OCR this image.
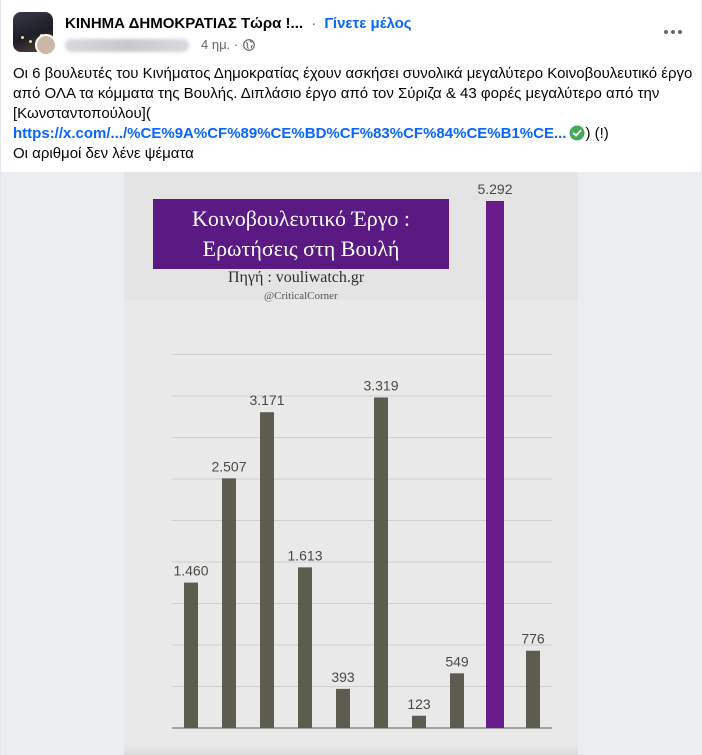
ΚΙΝΗΜΑ ΔΗΜΟΚΡΑΤΙΑΣ Τώρα !... · Γίνετε μέλος
4 ημ. ·

Οι 6 βουλευτές του Κινήματος Δημοκρατίας έχουν ασκήσει συνολικά μεγαλύτερο Κοινοβουλευτικό έργο από ΟΛΑ τα κόμματα της Βουλής. Διπλάσιο έργο από τον Σύριζα & 43 φορές μεγαλύτερο από την [Κωνσταντοπούλου](
https://x.com/.../%CE%9A%CF%89%CE%BD%CF%83%CF%84%CE%B1%CE... ) (!)

Οι αριθμοί δεν λένε ψέματα

1.460
2.507
3.171
1.613
393
3.319
123
549
5.292
776
Κοινοβουλευτικό Έργο :
Ερωτήσεις στη Βουλή
Πηγή : vouliwatch.gr
@CriticalCorner
